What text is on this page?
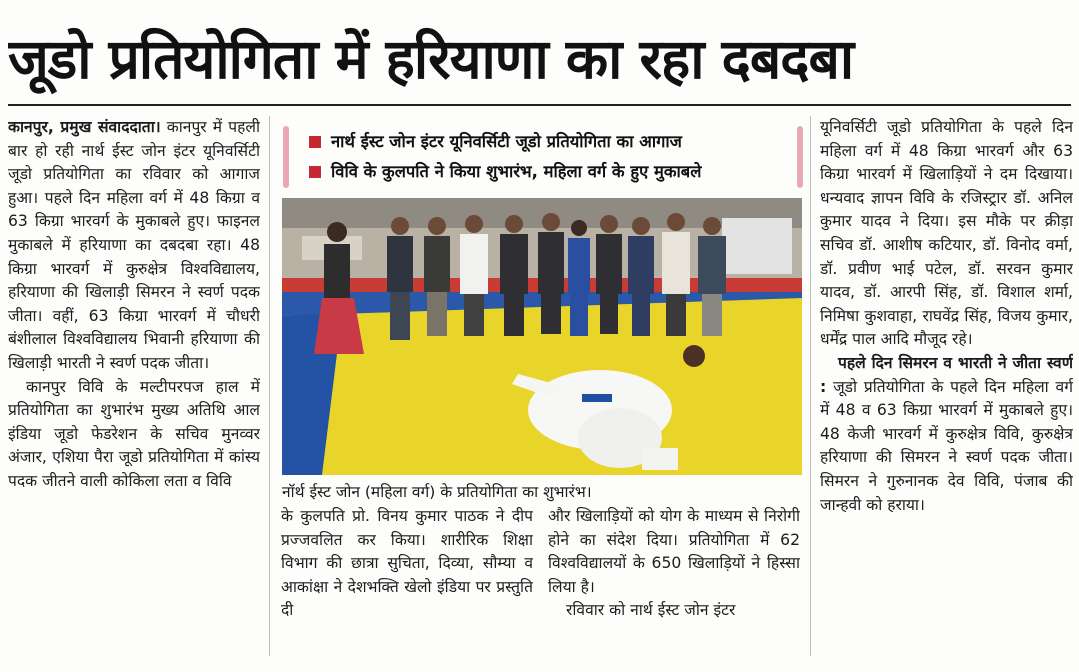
जूडो प्रतियोगिता में हरियाणा का रहा दबदबा

कानपुर, प्रमुख संवाददाता। कानपुर में पहली बार हो रही नार्थ ईस्ट जोन इंटर यूनिवर्सिटी जूडो प्रतियोगिता का रविवार को आगाज हुआ। पहले दिन महिला वर्ग में 48 किग्रा व 63 किग्रा भारवर्ग के मुकाबले हुए। फाइनल मुकाबले में हरियाणा का दबदबा रहा। 48 किग्रा भारवर्ग में कुरुक्षेत्र विश्वविद्यालय, हरियाणा की खिलाड़ी सिमरन ने स्वर्ण पदक जीता। वहीं, 63 किग्रा भारवर्ग में चौधरी बंशीलाल विश्वविद्यालय भिवानी हरियाणा की खिलाड़ी भारती ने स्वर्ण पदक जीता।

कानपुर विवि के मल्टीपरपज हाल में प्रतियोगिता का शुभारंभ मुख्य अतिथि आल इंडिया जूडो फेडरेशन के सचिव मुनव्वर अंजार, एशिया पैरा जूडो प्रतियोगिता में कांस्य पदक जीतने वाली कोकिला लता व विवि

नार्थ ईस्ट जोन इंटर यूनिवर्सिटी जूडो प्रतियोगिता का आगाज
विवि के कुलपति ने किया शुभारंभ, महिला वर्ग के हुए मुकाबले
नॉर्थ ईस्ट जोन (महिला वर्ग) के प्रतियोगिता का शुभारंभ।

के कुलपति प्रो. विनय कुमार पाठक ने दीप प्रज्जवलित कर किया। शारीरिक शिक्षा विभाग की छात्रा सुचिता, दिव्या, सौम्या व आकांक्षा ने देशभक्ति खेलो इंडिया पर प्रस्तुति दी

और खिलाड़ियों को योग के माध्यम से निरोगी होने का संदेश दिया। प्रतियोगिता में 62 विश्वविद्यालयों के 650 खिलाड़ियों ने हिस्सा लिया है।

रविवार को नार्थ ईस्ट जोन इंटर

यूनिवर्सिटी जूडो प्रतियोगिता के पहले दिन महिला वर्ग में 48 किग्रा भारवर्ग और 63 किग्रा भारवर्ग में खिलाड़ियों ने दम दिखाया। धन्यवाद ज्ञापन विवि के रजिस्ट्रार डॉ. अनिल कुमार यादव ने दिया। इस मौके पर क्रीड़ा सचिव डॉ. आशीष कटियार, डॉ. विनोद वर्मा, डॉ. प्रवीण भाई पटेल, डॉ. सरवन कुमार यादव, डॉ. आरपी सिंह, डॉ. विशाल शर्मा, निमिषा कुशवाहा, राघवेंद्र सिंह, विजय कुमार, धर्मेंद्र पाल आदि मौजूद रहे।

पहले दिन सिमरन व भारती ने जीता स्वर्ण : जूडो प्रतियोगिता के पहले दिन महिला वर्ग में 48 व 63 किग्रा भारवर्ग में मुकाबले हुए। 48 केजी भारवर्ग में कुरुक्षेत्र विवि, कुरुक्षेत्र हरियाणा की सिमरन ने स्वर्ण पदक जीता। सिमरन ने गुरुनानक देव विवि, पंजाब की जान्हवी को हराया।
